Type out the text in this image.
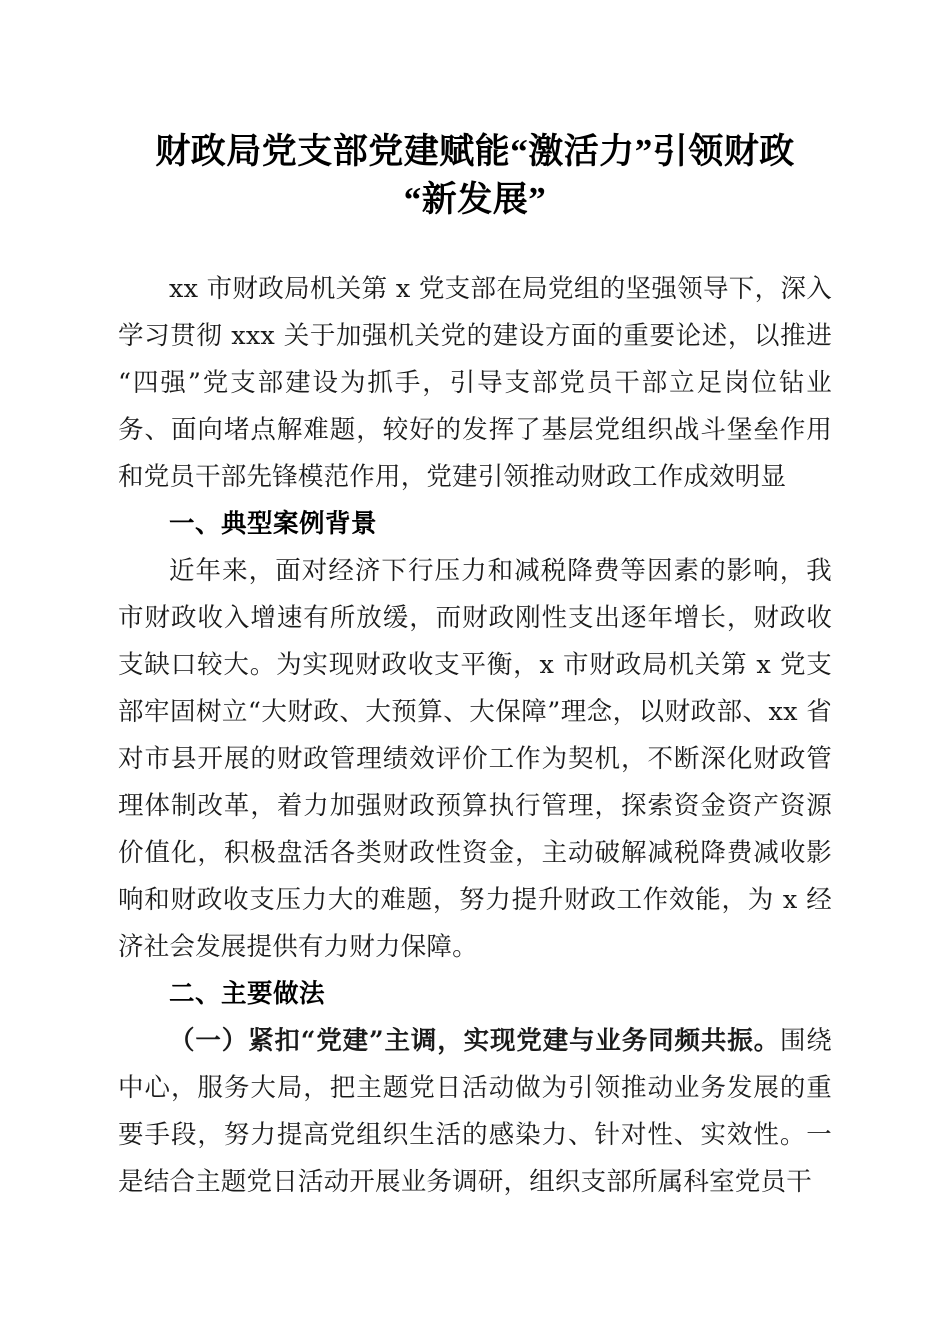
财政局党支部党建赋能“激活力”引领财政
“新发展”

xx 市财政局机关第 x 党支部在局党组的坚强领导下，深入学习贯彻 xxx 关于加强机关党的建设方面的重要论述，以推进“四强”党支部建设为抓手，引导支部党员干部立足岗位钻业务、面向堵点解难题，较好的发挥了基层党组织战斗堡垒作用和党员干部先锋模范作用，党建引领推动财政工作成效明显

一、典型案例背景

近年来，面对经济下行压力和减税降费等因素的影响，我市财政收入增速有所放缓，而财政刚性支出逐年增长，财政收支缺口较大。为实现财政收支平衡，x 市财政局机关第 x 党支部牢固树立“大财政、大预算、大保障”理念，以财政部、xx 省对市县开展的财政管理绩效评价工作为契机，不断深化财政管理体制改革，着力加强财政预算执行管理，探索资金资产资源价值化，积极盘活各类财政性资金，主动破解减税降费减收影响和财政收支压力大的难题，努力提升财政工作效能，为 x 经济社会发展提供有力财力保障。

二、主要做法

（一）紧扣“党建”主调，实现党建与业务同频共振。围绕中心，服务大局，把主题党日活动做为引领推动业务发展的重要手段，努力提高党组织生活的感染力、针对性、实效性。一是结合主题党日活动开展业务调研，组织支部所属科室党员干
